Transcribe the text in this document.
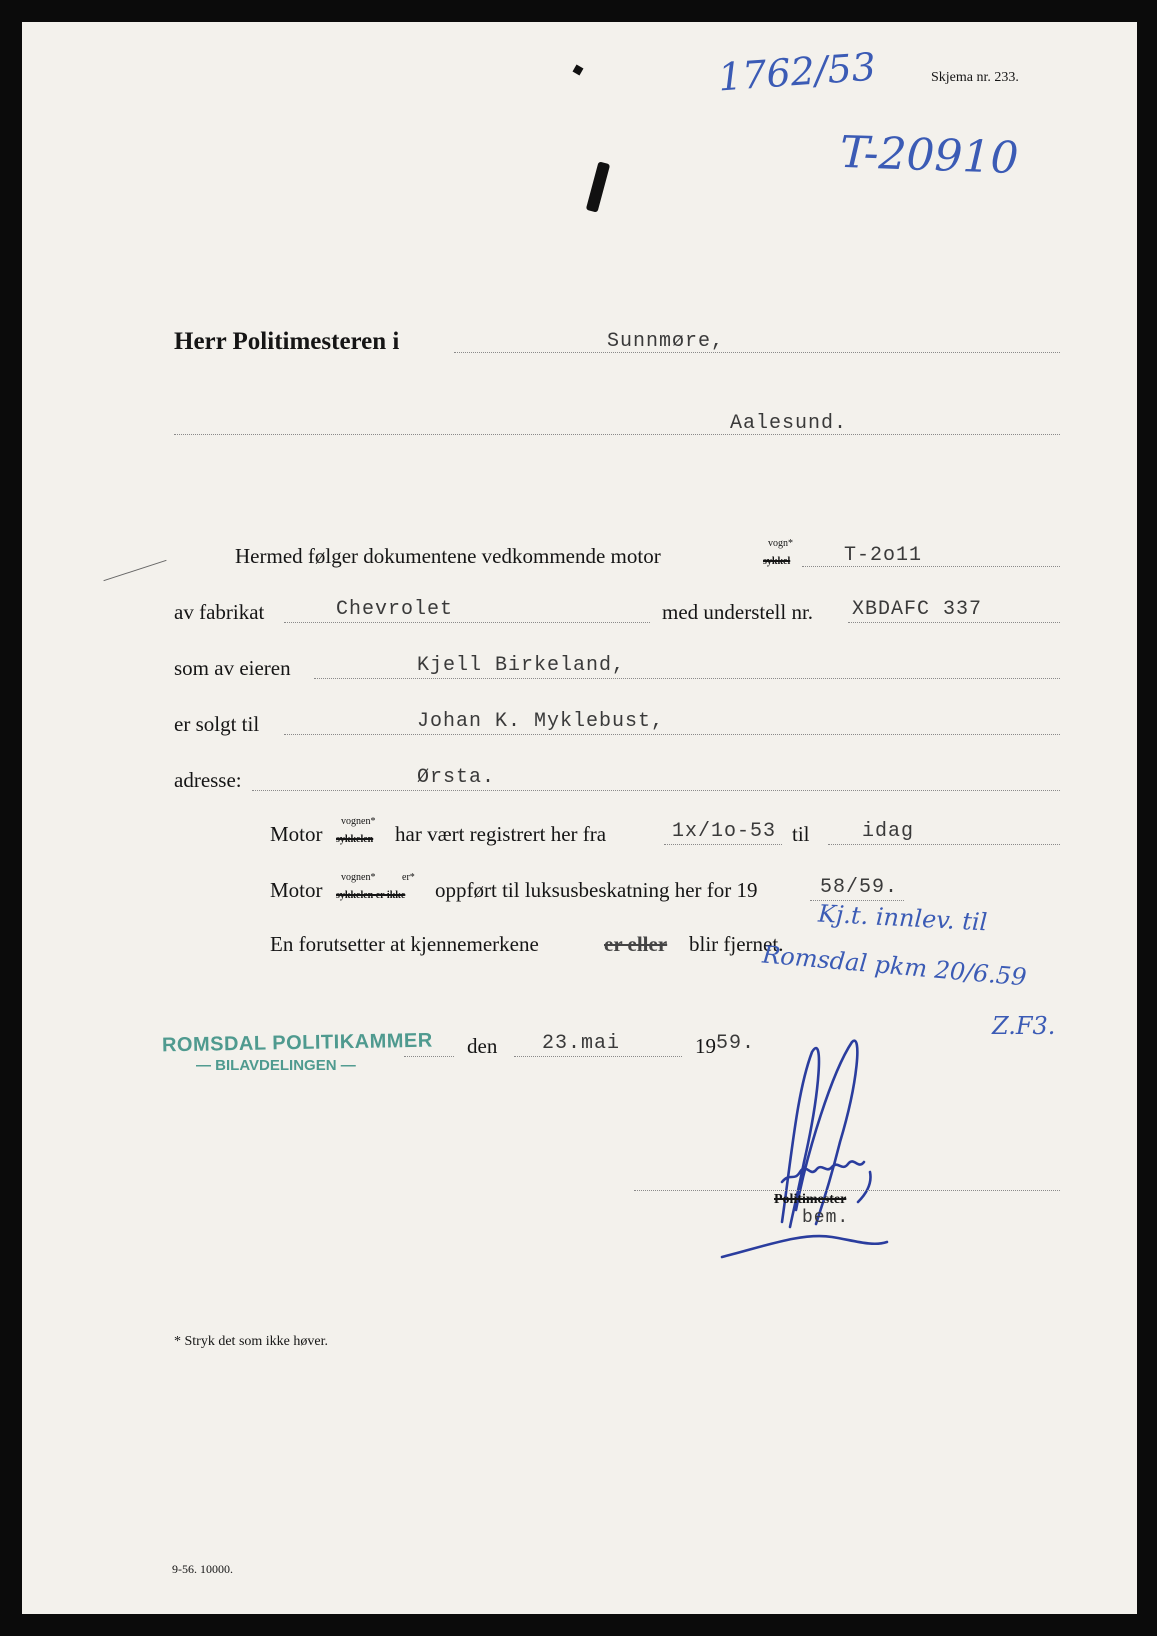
Skjema nr. 233.
1762/53
T-20910
Herr Politimesteren i	Sunnmøre,
Aalesund.
Hermed følger dokumentene vedkommende motor
vogn*
sykkel	T-2o11
av fabrikat	Chevrolet	med understell nr. XBDAFC 337
som av eieren	Kjell Birkeland,
er solgt til	Johan K. Myklebust,
adresse:	Ørsta.
Motor
vognen*
sykkelen har vært registrert her fra	1x/1o-53 til	idag
Motor
vognen*	er*
sykkelen er ikke oppført til luksusbeskatning her for 19	58/59.
En forutsetter at kjennemerkene	er eller blir fjernet.
Kj.t. innlev. til
Romsdal pkm 20/6.59
Z.F3.
ROMSDAL POLITIKAMMER
— BILAVDELINGEN —
den 23.mai	19 59.
Politimester
bem.
* Stryk det som ikke høver.
9-56. 10000.
